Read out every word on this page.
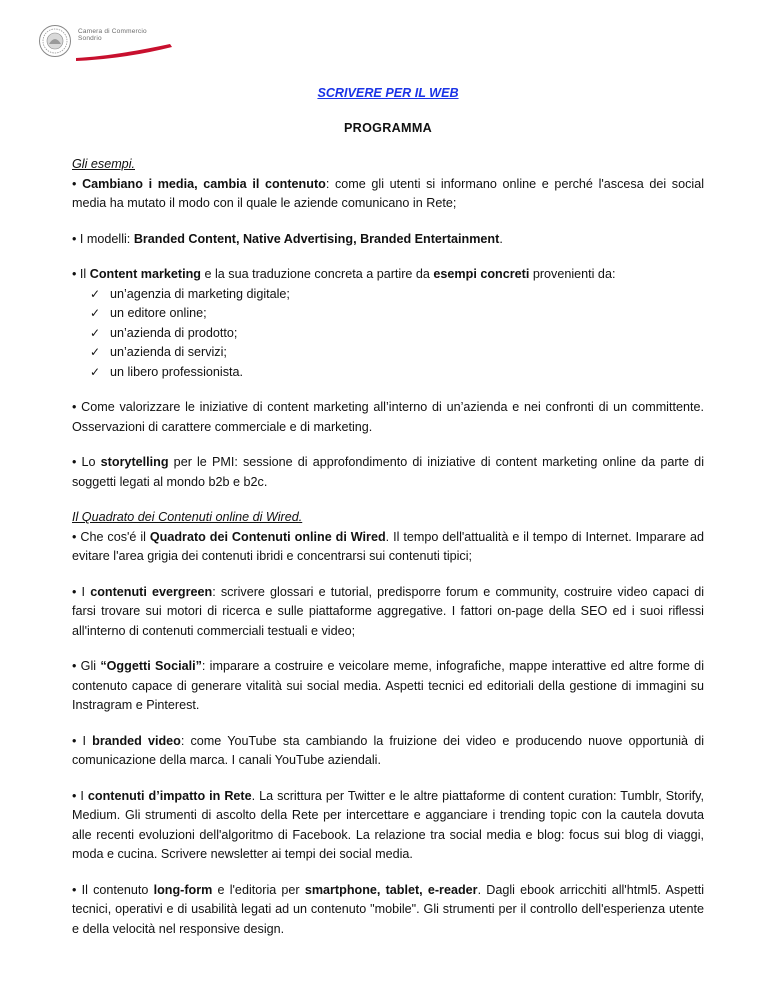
Camera di Commercio
Sondrio
SCRIVERE PER IL WEB
PROGRAMMA
Gli esempi.

• Cambiano i media, cambia il contenuto: come gli utenti si informano online e perché l'ascesa dei social media ha mutato il modo con il quale le aziende comunicano in Rete;

• I modelli: Branded Content, Native Advertising, Branded Entertainment.

• Il Content marketing e la sua traduzione concreta a partire da esempi concreti provenienti da:

✓ un’agenzia di marketing digitale;
✓ un editore online;
✓ un’azienda di prodotto;
✓ un’azienda di servizi;
✓ un libero professionista.

• Come valorizzare le iniziative di content marketing all’interno di un’azienda e nei confronti di un committente. Osservazioni di carattere commerciale e di marketing.

• Lo storytelling per le PMI: sessione di approfondimento di iniziative di content marketing online da parte di soggetti legati al mondo b2b e b2c.

Il Quadrato dei Contenuti online di Wired.

• Che cos'é il Quadrato dei Contenuti online di Wired. Il tempo dell'attualità e il tempo di Internet. Imparare ad evitare l'area grigia dei contenuti ibridi e concentrarsi sui contenuti tipici;

• I contenuti evergreen: scrivere glossari e tutorial, predisporre forum e community, costruire video capaci di farsi trovare sui motori di ricerca e sulle piattaforme aggregative. I fattori on-page della SEO ed i suoi riflessi all'interno di contenuti commerciali testuali e video;

• Gli “Oggetti Sociali”: imparare a costruire e veicolare meme, infografiche, mappe interattive ed altre forme di contenuto capace di generare vitalità sui social media. Aspetti tecnici ed editoriali della gestione di immagini su Instragram e Pinterest.

• I branded video: come YouTube sta cambiando la fruizione dei video e producendo nuove opportunià di comunicazione della marca. I canali YouTube aziendali.

• I contenuti d’impatto in Rete. La scrittura per Twitter e le altre piattaforme di content curation: Tumblr, Storify, Medium. Gli strumenti di ascolto della Rete per intercettare e agganciare i trending topic con la cautela dovuta alle recenti evoluzioni dell'algoritmo di Facebook. La relazione tra social media e blog: focus sui blog di viaggi, moda e cucina. Scrivere newsletter ai tempi dei social media.

• Il contenuto long-form e l'editoria per smartphone, tablet, e-reader. Dagli ebook arricchiti all'html5. Aspetti tecnici, operativi e di usabilità legati ad un contenuto "mobile". Gli strumenti per il controllo dell'esperienza utente e della velocità nel responsive design.
